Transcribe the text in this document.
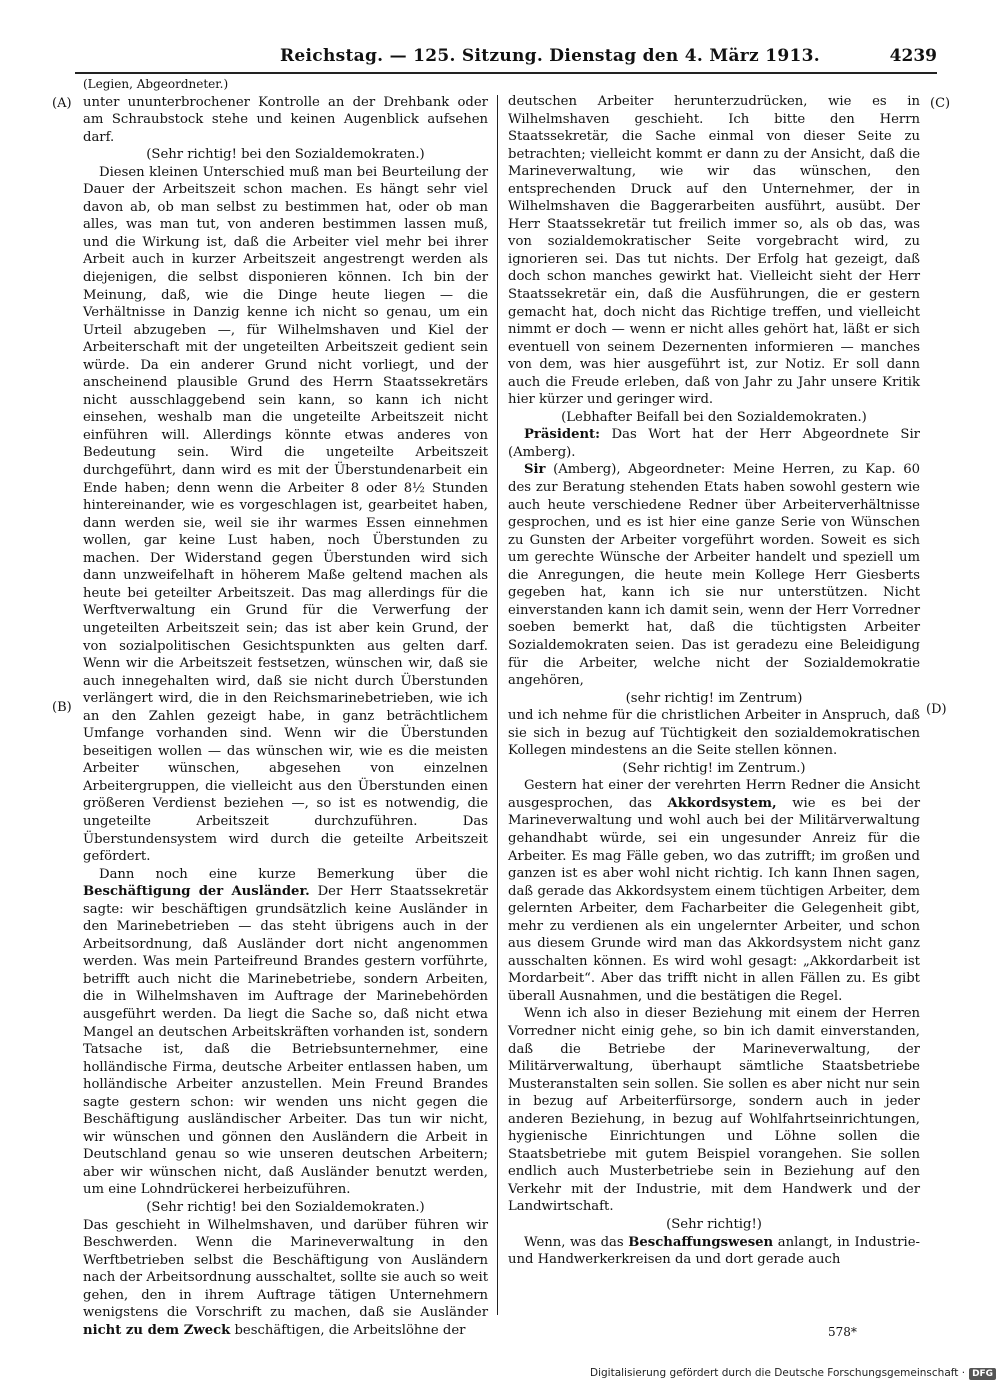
Reichstag. — 125. Sitzung. Dienstag den 4. März 1913.	4239
(A)
(B)
(C)
(D)

(Legien, Abgeordneter.)

unter ununterbrochener Kontrolle an der Drehbank oder am Schraubstock stehe und keinen Augenblick aufsehen darf.

(Sehr richtig! bei den Sozialdemokraten.)

Diesen kleinen Unterschied muß man bei Beurteilung der Dauer der Arbeitszeit schon machen. Es hängt sehr viel davon ab, ob man selbst zu bestimmen hat, oder ob man alles, was man tut, von anderen bestimmen lassen muß, und die Wirkung ist, daß die Arbeiter viel mehr bei ihrer Arbeit auch in kurzer Arbeitszeit angestrengt werden als diejenigen, die selbst disponieren können. Ich bin der Meinung, daß, wie die Dinge heute liegen — die Verhältnisse in Danzig kenne ich nicht so genau, um ein Urteil abzugeben —, für Wilhelmshaven und Kiel der Arbeiterschaft mit der ungeteilten Arbeitszeit gedient sein würde. Da ein anderer Grund nicht vorliegt, und der anscheinend plausible Grund des Herrn Staatssekretärs nicht ausschlaggebend sein kann, so kann ich nicht einsehen, weshalb man die ungeteilte Arbeitszeit nicht einführen will. Allerdings könnte etwas anderes von Bedeutung sein. Wird die ungeteilte Arbeitszeit durchgeführt, dann wird es mit der Überstundenarbeit ein Ende haben; denn wenn die Arbeiter 8 oder 8½ Stunden hintereinander, wie es vorgeschlagen ist, gearbeitet haben, dann werden sie, weil sie ihr warmes Essen einnehmen wollen, gar keine Lust haben, noch Überstunden zu machen. Der Widerstand gegen Überstunden wird sich dann unzweifelhaft in höherem Maße geltend machen als heute bei geteilter Arbeitszeit. Das mag allerdings für die Werftverwaltung ein Grund für die Verwerfung der ungeteilten Arbeitszeit sein; das ist aber kein Grund, der von sozialpolitischen Gesichtspunkten aus gelten darf. Wenn wir die Arbeitszeit festsetzen, wünschen wir, daß sie auch innegehalten wird, daß sie nicht durch Überstunden verlängert wird, die in den Reichsmarinebetrieben, wie ich an den Zahlen gezeigt habe, in ganz beträchtlichem Umfange vorhanden sind. Wenn wir die Überstunden beseitigen wollen — das wünschen wir, wie es die meisten Arbeiter wünschen, abgesehen von einzelnen Arbeitergruppen, die vielleicht aus den Überstunden einen größeren Verdienst beziehen —, so ist es notwendig, die ungeteilte Arbeitszeit durchzuführen. Das Überstundensystem wird durch die geteilte Arbeitszeit gefördert.

Dann noch eine kurze Bemerkung über die Beschäftigung der Ausländer. Der Herr Staatssekretär sagte: wir beschäftigen grundsätzlich keine Ausländer in den Marinebetrieben — das steht übrigens auch in der Arbeitsordnung, daß Ausländer dort nicht angenommen werden. Was mein Parteifreund Brandes gestern vorführte, betrifft auch nicht die Marinebetriebe, sondern Arbeiten, die in Wilhelmshaven im Auftrage der Marinebehörden ausgeführt werden. Da liegt die Sache so, daß nicht etwa Mangel an deutschen Arbeitskräften vorhanden ist, sondern Tatsache ist, daß die Betriebsunternehmer, eine holländische Firma, deutsche Arbeiter entlassen haben, um holländische Arbeiter anzustellen. Mein Freund Brandes sagte gestern schon: wir wenden uns nicht gegen die Beschäftigung ausländischer Arbeiter. Das tun wir nicht, wir wünschen und gönnen den Ausländern die Arbeit in Deutschland genau so wie unseren deutschen Arbeitern; aber wir wünschen nicht, daß Ausländer benutzt werden, um eine Lohndrückerei herbeizuführen.

(Sehr richtig! bei den Sozialdemokraten.)

Das geschieht in Wilhelmshaven, und darüber führen wir Beschwerden. Wenn die Marineverwaltung in den Werftbetrieben selbst die Beschäftigung von Ausländern nach der Arbeitsordnung ausschaltet, sollte sie auch so weit gehen, den in ihrem Auftrage tätigen Unternehmern wenigstens die Vorschrift zu machen, daß sie Ausländer nicht zu dem Zweck beschäftigen, die Arbeitslöhne der

deutschen Arbeiter herunterzudrücken, wie es in Wilhelmshaven geschieht. Ich bitte den Herrn Staatssekretär, die Sache einmal von dieser Seite zu betrachten; vielleicht kommt er dann zu der Ansicht, daß die Marineverwaltung, wie wir das wünschen, den entsprechenden Druck auf den Unternehmer, der in Wilhelmshaven die Baggerarbeiten ausführt, ausübt. Der Herr Staatssekretär tut freilich immer so, als ob das, was von sozialdemokratischer Seite vorgebracht wird, zu ignorieren sei. Das tut nichts. Der Erfolg hat gezeigt, daß doch schon manches gewirkt hat. Vielleicht sieht der Herr Staatssekretär ein, daß die Ausführungen, die er gestern gemacht hat, doch nicht das Richtige treffen, und vielleicht nimmt er doch — wenn er nicht alles gehört hat, läßt er sich eventuell von seinem Dezernenten informieren — manches von dem, was hier ausgeführt ist, zur Notiz. Er soll dann auch die Freude erleben, daß von Jahr zu Jahr unsere Kritik hier kürzer und geringer wird.

(Lebhafter Beifall bei den Sozialdemokraten.)

Präsident: Das Wort hat der Herr Abgeordnete Sir (Amberg).

Sir (Amberg), Abgeordneter: Meine Herren, zu Kap. 60 des zur Beratung stehenden Etats haben sowohl gestern wie auch heute verschiedene Redner über Arbeiterverhältnisse gesprochen, und es ist hier eine ganze Serie von Wünschen zu Gunsten der Arbeiter vorgeführt worden. Soweit es sich um gerechte Wünsche der Arbeiter handelt und speziell um die Anregungen, die heute mein Kollege Herr Giesberts gegeben hat, kann ich sie nur unterstützen. Nicht einverstanden kann ich damit sein, wenn der Herr Vorredner soeben bemerkt hat, daß die tüchtigsten Arbeiter Sozialdemokraten seien. Das ist geradezu eine Beleidigung für die Arbeiter, welche nicht der Sozialdemokratie angehören,

(sehr richtig! im Zentrum)

und ich nehme für die christlichen Arbeiter in Anspruch, daß sie sich in bezug auf Tüchtigkeit den sozialdemokratischen Kollegen mindestens an die Seite stellen können.

(Sehr richtig! im Zentrum.)

Gestern hat einer der verehrten Herrn Redner die Ansicht ausgesprochen, das Akkordsystem, wie es bei der Marineverwaltung und wohl auch bei der Militärverwaltung gehandhabt würde, sei ein ungesunder Anreiz für die Arbeiter. Es mag Fälle geben, wo das zutrifft; im großen und ganzen ist es aber wohl nicht richtig. Ich kann Ihnen sagen, daß gerade das Akkordsystem einem tüchtigen Arbeiter, dem gelernten Arbeiter, dem Facharbeiter die Gelegenheit gibt, mehr zu verdienen als ein ungelernter Arbeiter, und schon aus diesem Grunde wird man das Akkordsystem nicht ganz ausschalten können. Es wird wohl gesagt: „Akkordarbeit ist Mordarbeit“. Aber das trifft nicht in allen Fällen zu. Es gibt überall Ausnahmen, und die bestätigen die Regel.

Wenn ich also in dieser Beziehung mit einem der Herren Vorredner nicht einig gehe, so bin ich damit einverstanden, daß die Betriebe der Marineverwaltung, der Militärverwaltung, überhaupt sämtliche Staatsbetriebe Musteranstalten sein sollen. Sie sollen es aber nicht nur sein in bezug auf Arbeiterfürsorge, sondern auch in jeder anderen Beziehung, in bezug auf Wohlfahrtseinrichtungen, hygienische Einrichtungen und Löhne sollen die Staatsbetriebe mit gutem Beispiel vorangehen. Sie sollen endlich auch Musterbetriebe sein in Beziehung auf den Verkehr mit der Industrie, mit dem Handwerk und der Landwirtschaft.

(Sehr richtig!)

Wenn, was das Beschaffungswesen anlangt, in Industrie- und Handwerkerkreisen da und dort gerade auch

578*
Digitalisierung gefördert durch die Deutsche Forschungsgemeinschaft · DFG
